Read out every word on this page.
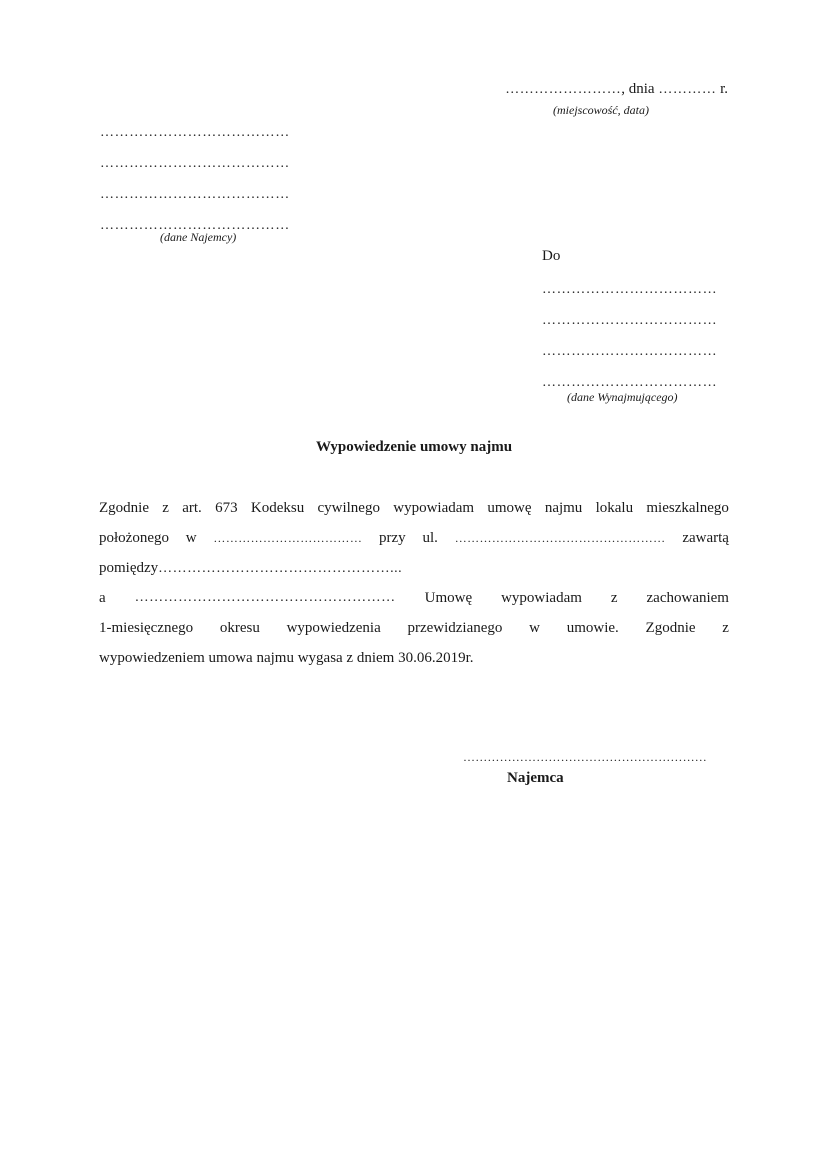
……………………, dnia ………… r.
(miejscowość, data)
…………………………………
…………………………………
…………………………………
…………………………………
(dane Najemcy)
Do
………………………………
………………………………
………………………………
………………………………
(dane Wynajmującego)
Wypowiedzenie umowy najmu
Zgodnie z art. 673 Kodeksu cywilnego wypowiadam umowę najmu lokalu mieszkalnego
położonego w ……………………………… przy ul. …………………………………………… zawartą
pomiędzy…………………………………………...
a ……………………………………………… Umowę wypowiadam z zachowaniem
1-miesięcznego okresu wypowiedzenia przewidzianego w umowie. Zgodnie z
wypowiedzeniem umowa najmu wygasa z dniem 30.06.2019r.
……………………………………………………
Najemca
